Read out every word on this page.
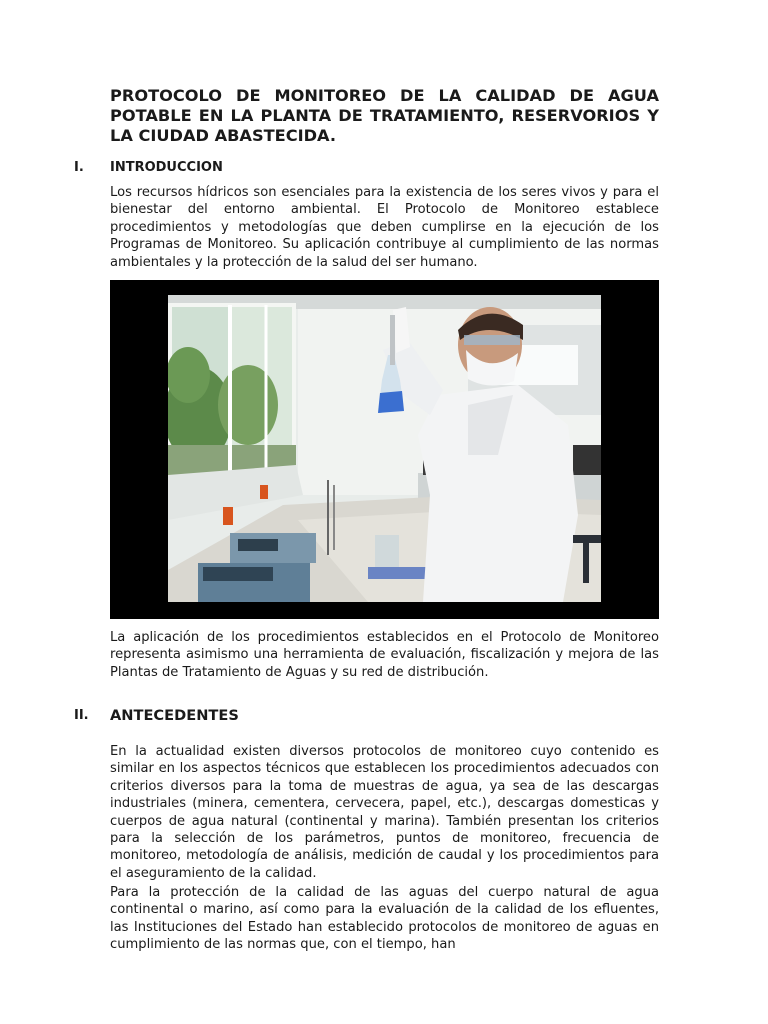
PROTOCOLO DE MONITOREO DE LA CALIDAD DE AGUA POTABLE EN LA PLANTA DE TRATAMIENTO, RESERVORIOS Y LA CIUDAD ABASTECIDA.
I. INTRODUCCION

Los recursos hídricos son esenciales para la existencia de los seres vivos y para el bienestar del entorno ambiental. El Protocolo de Monitoreo establece procedimientos y metodologías que deben cumplirse en la ejecución de los Programas de Monitoreo. Su aplicación contribuye al cumplimiento de las normas ambientales y la protección de la salud del ser humano.

La aplicación de los procedimientos establecidos en el Protocolo de Monitoreo representa asimismo una herramienta de evaluación, fiscalización y mejora de las Plantas de Tratamiento de Aguas y su red de distribución.

II. ANTECEDENTES

En la actualidad existen diversos protocolos de monitoreo cuyo contenido es similar en los aspectos técnicos que establecen los procedimientos adecuados con criterios diversos para la toma de muestras de agua, ya sea de las descargas industriales (minera, cementera, cervecera, papel, etc.), descargas domesticas y cuerpos de agua natural (continental y marina). También presentan los criterios para la selección de los parámetros, puntos de monitoreo, frecuencia de monitoreo, metodología de análisis, medición de caudal y los procedimientos para el aseguramiento de la calidad.

Para la protección de la calidad de las aguas del cuerpo natural de agua continental o marino, así como para la evaluación de la calidad de los efluentes, las Instituciones del Estado han establecido protocolos de monitoreo de aguas en cumplimiento de las normas que, con el tiempo, han
